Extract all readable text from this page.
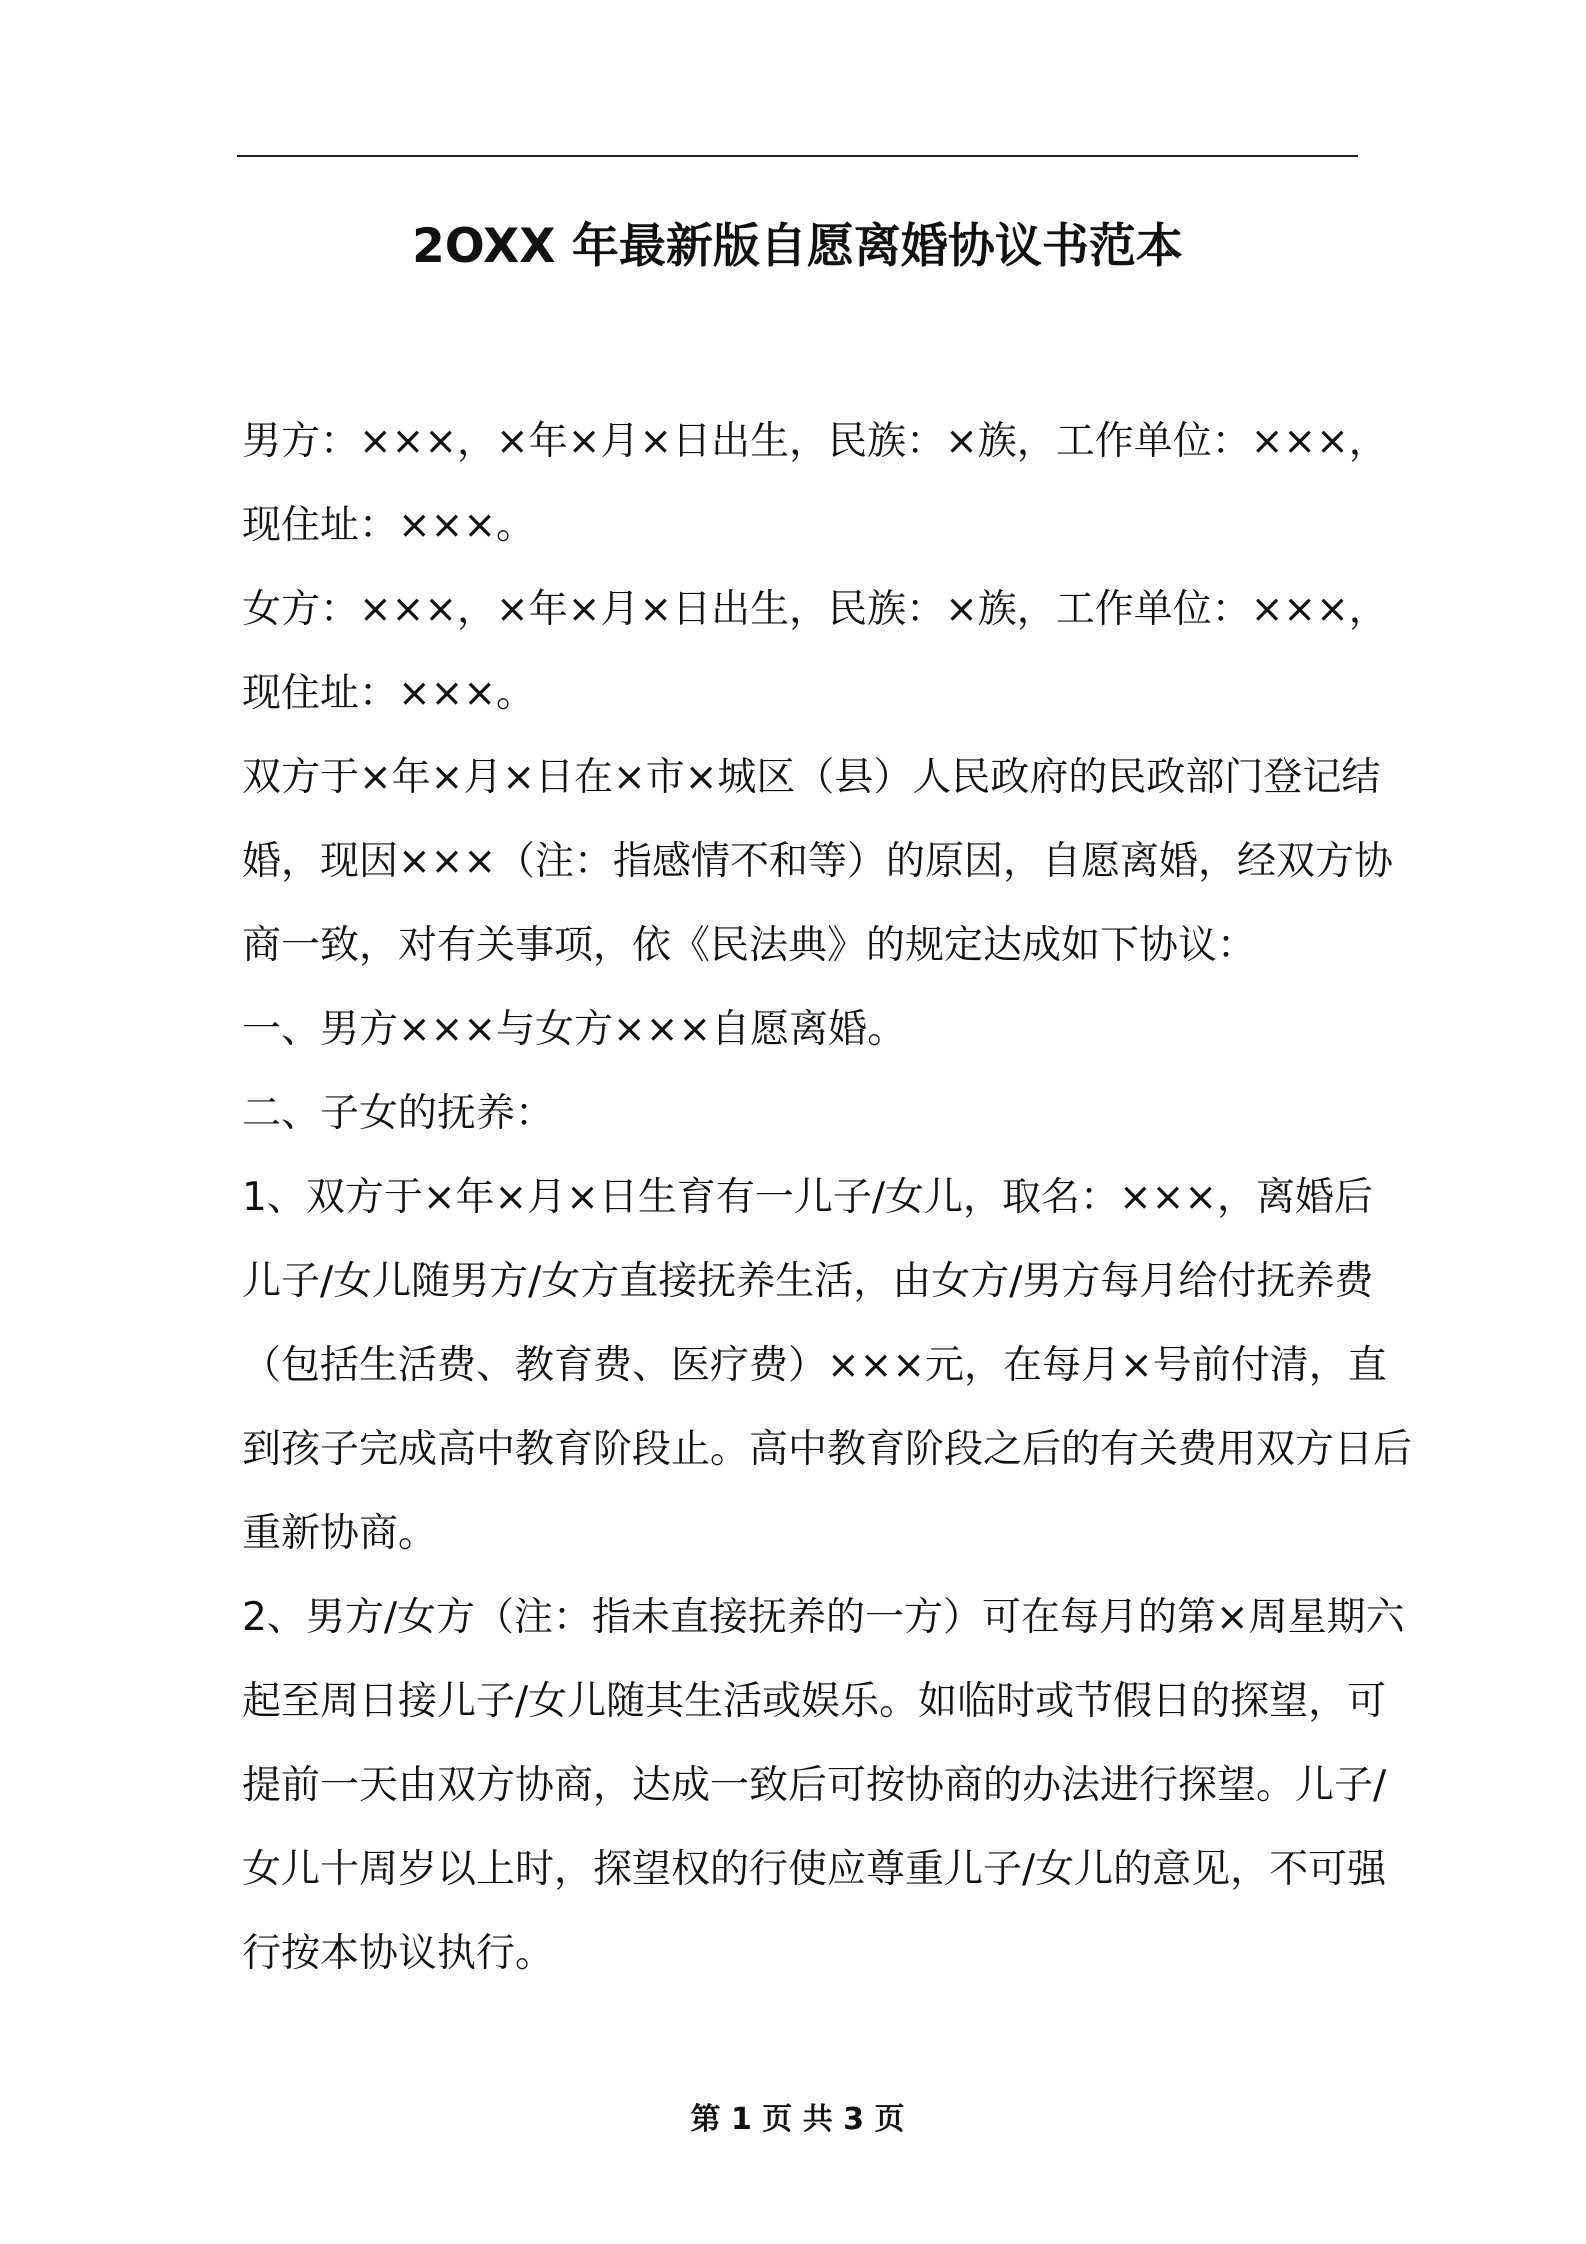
2OXX 年最新版自愿离婚协议书范本

男方：×××，×年×月×日出生，民族：×族，工作单位：×××，

现住址：×××。

女方：×××，×年×月×日出生，民族：×族，工作单位：×××，

现住址：×××。

双方于×年×月×日在×市×城区（县）人民政府的民政部门登记结

婚，现因×××（注：指感情不和等）的原因，自愿离婚，经双方协

商一致，对有关事项，依《民法典》的规定达成如下协议：

一、男方×××与女方×××自愿离婚。

二、子女的抚养：

1、双方于×年×月×日生育有一儿子/女儿，取名：×××，离婚后

儿子/女儿随男方/女方直接抚养生活，由女方/男方每月给付抚养费

（包括生活费、教育费、医疗费）×××元，在每月×号前付清，直

到孩子完成高中教育阶段止。高中教育阶段之后的有关费用双方日后

重新协商。

2、男方/女方（注：指未直接抚养的一方）可在每月的第×周星期六

起至周日接儿子/女儿随其生活或娱乐。如临时或节假日的探望，可

提前一天由双方协商，达成一致后可按协商的办法进行探望。儿子/

女儿十周岁以上时，探望权的行使应尊重儿子/女儿的意见，不可强

行按本协议执行。

第 1 页 共 3 页
